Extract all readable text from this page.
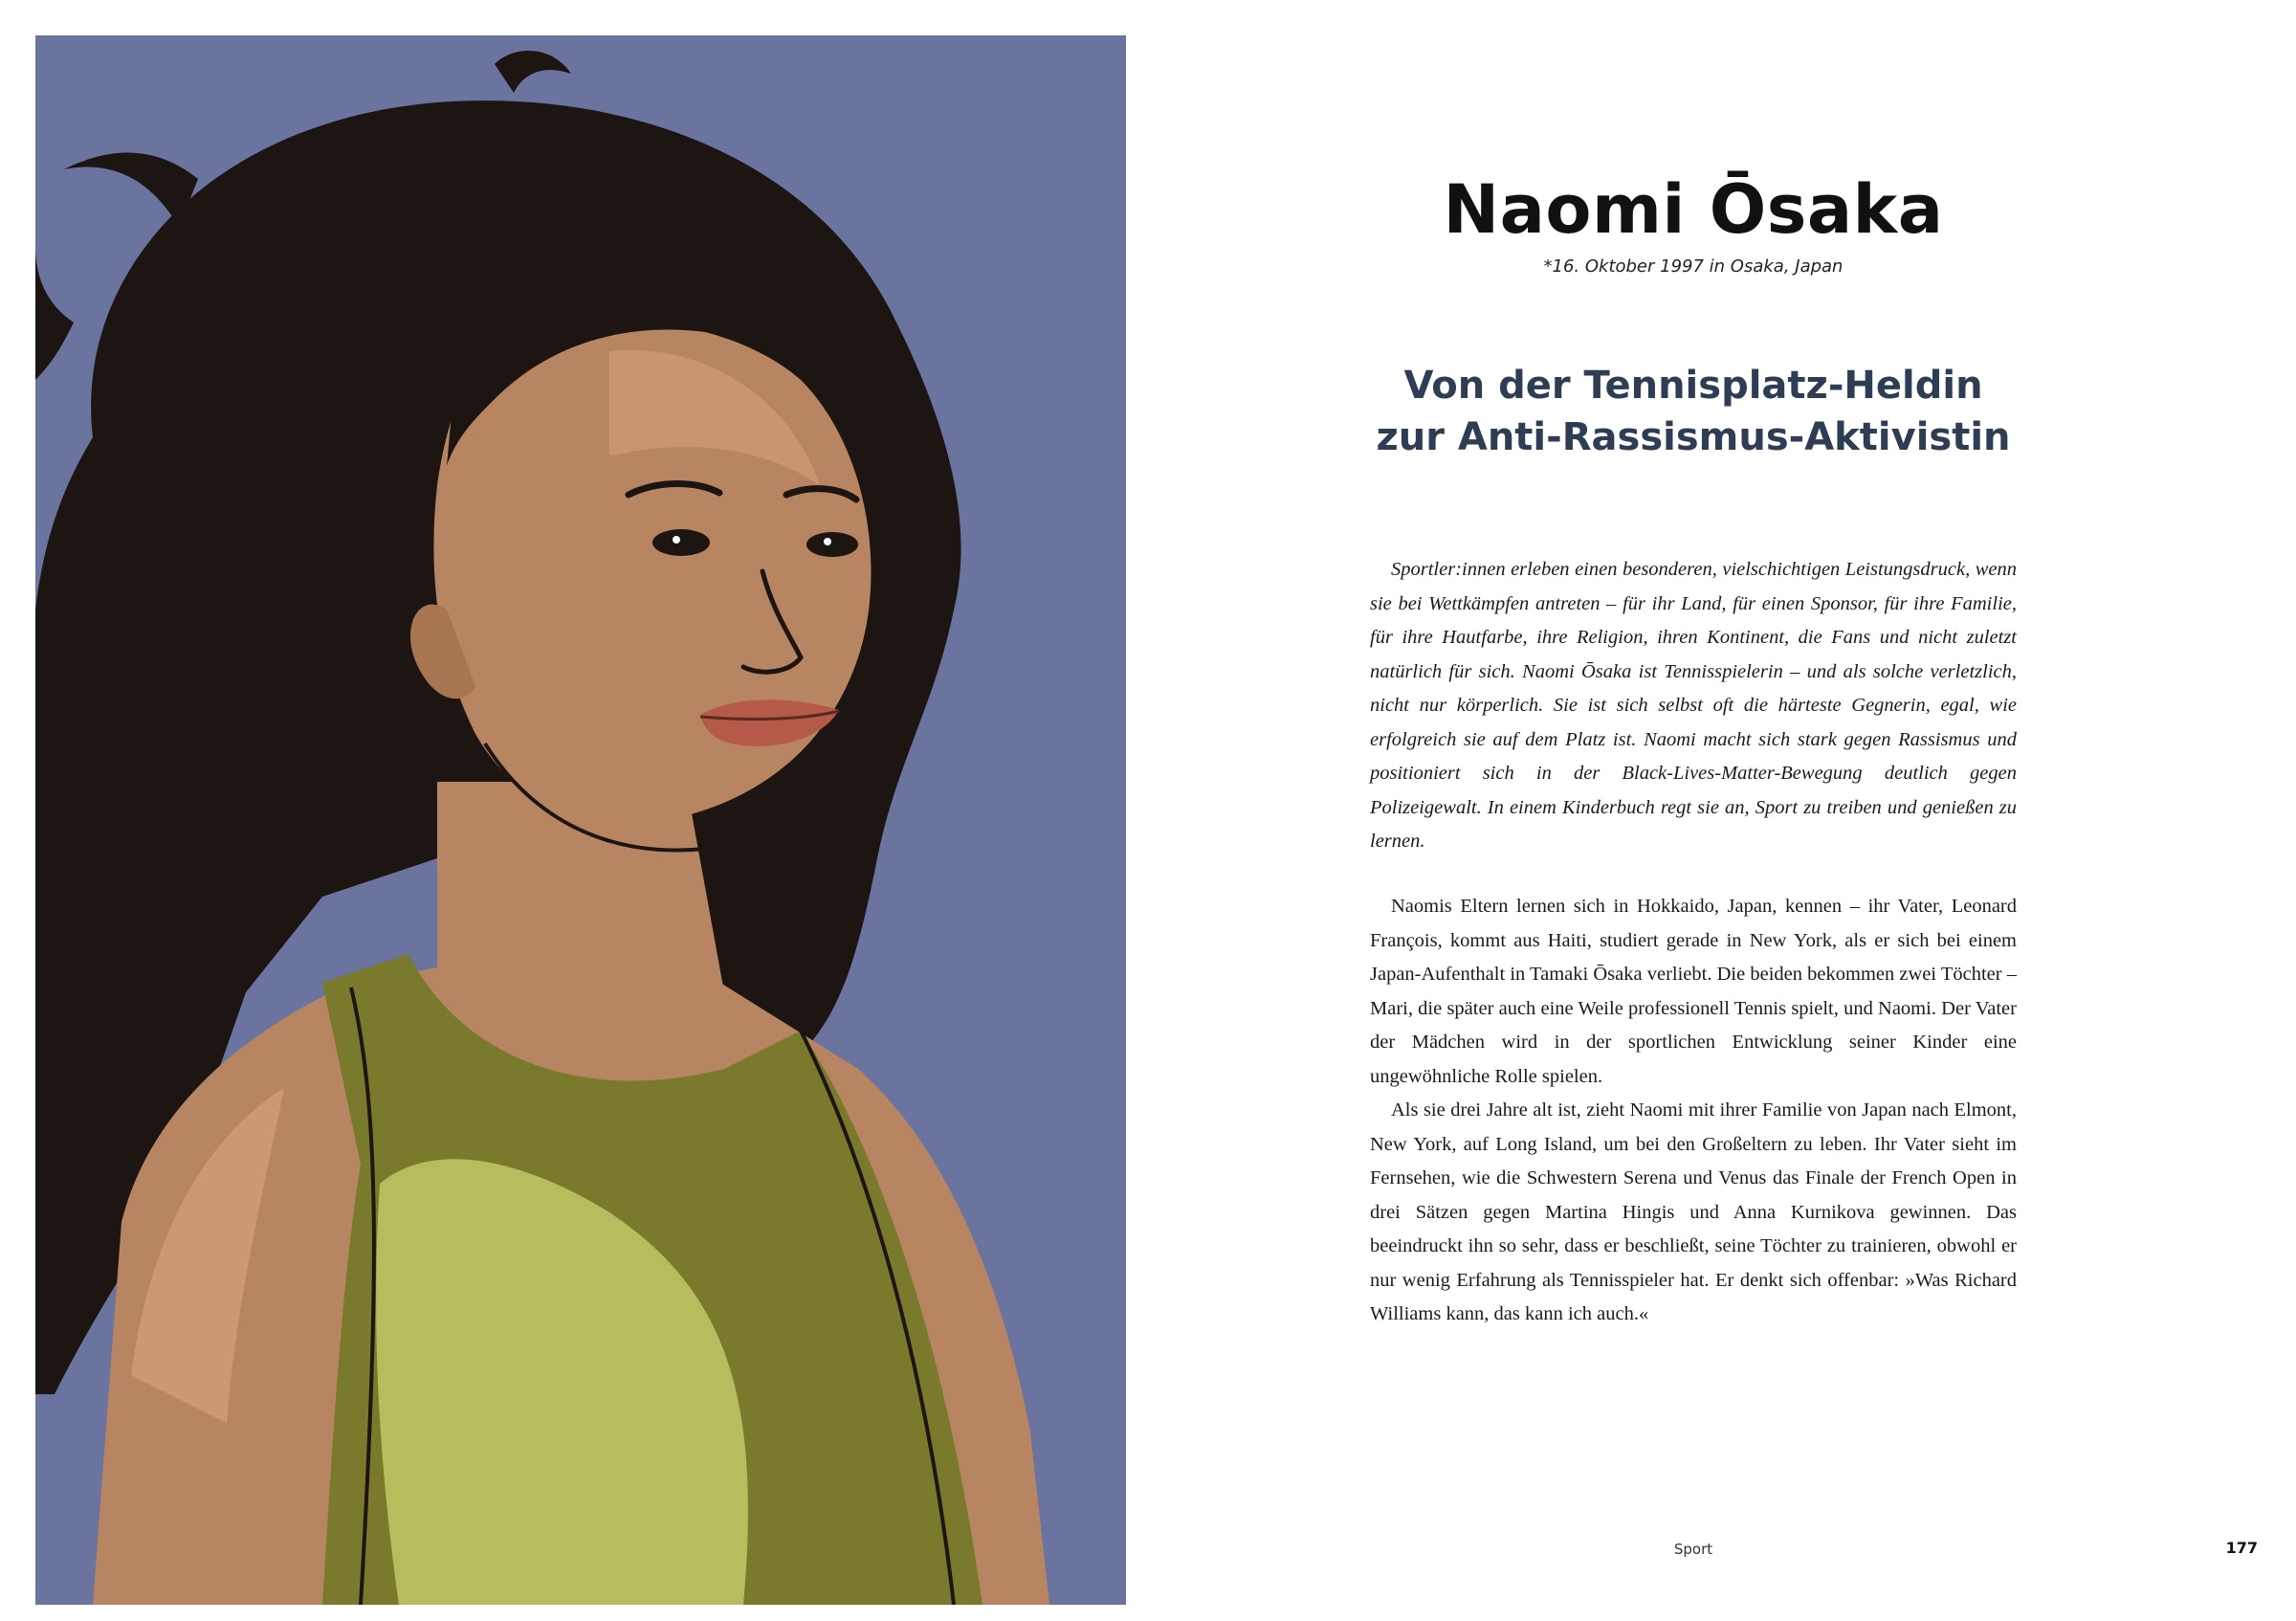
Naomi Ōsaka
*16. Oktober 1997 in Osaka, Japan
Von der Tennisplatz-Heldin
zur Anti-Rassismus-Aktivistin

Sportler:innen erleben einen besonderen, vielschichtigen Leistungsdruck, wenn sie bei Wettkämpfen antreten – für ihr Land, für einen Sponsor, für ihre Familie, für ihre Hautfarbe, ihre Religion, ihren Kontinent, die Fans und nicht zuletzt natürlich für sich. Naomi Ōsaka ist Tennisspielerin – und als solche verletzlich, nicht nur körperlich. Sie ist sich selbst oft die härteste Gegnerin, egal, wie erfolgreich sie auf dem Platz ist. Naomi macht sich stark gegen Rassismus und positioniert sich in der Black-Lives-Matter-Bewegung deutlich gegen Polizeigewalt. In einem Kinderbuch regt sie an, Sport zu treiben und genießen zu lernen.

Naomis Eltern lernen sich in Hokkaido, Japan, kennen – ihr Vater, Leonard François, kommt aus Haiti, studiert gerade in New York, als er sich bei einem Japan-Aufenthalt in Tamaki Ōsaka verliebt. Die beiden bekommen zwei Töchter – Mari, die später auch eine Weile professionell Tennis spielt, und Naomi. Der Vater der Mädchen wird in der sportlichen Entwicklung seiner Kinder eine ungewöhnliche Rolle spielen.

Als sie drei Jahre alt ist, zieht Naomi mit ihrer Familie von Japan nach Elmont, New York, auf Long Island, um bei den Großeltern zu leben. Ihr Vater sieht im Fernsehen, wie die Schwestern Serena und Venus das Finale der French Open in drei Sätzen gegen Martina Hingis und Anna Kurnikova gewinnen. Das beeindruckt ihn so sehr, dass er beschließt, seine Töchter zu trainieren, obwohl er nur wenig Erfahrung als Tennisspieler hat. Er denkt sich offenbar: »Was Richard Williams kann, das kann ich auch.«

Sport	177
